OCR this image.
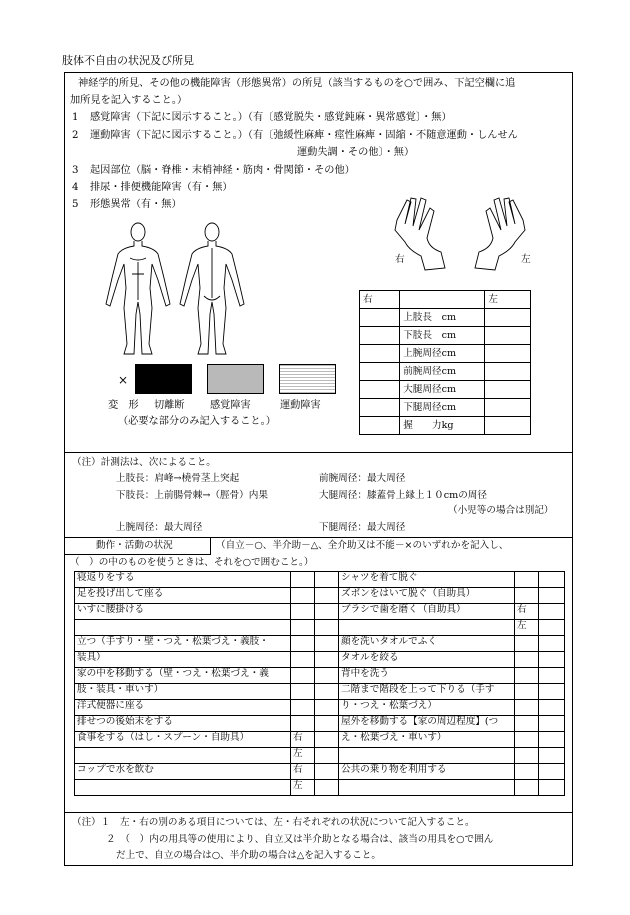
肢体不自由の状況及び所見
神経学的所見、その他の機能障害（形態異常）の所見（該当するものを○で囲み、下記空欄に追
加所見を記入すること。）
1 感覚障害（下記に図示すること。）（有〔感覚脱失・感覚鈍麻・異常感覚〕・無）
2 運動障害（下記に図示すること。）（有〔弛緩性麻痺・痙性麻痺・固縮・不随意運動・しんせん
運動失調・その他〕・無）
3 起因部位（脳・脊椎・末梢神経・筋肉・骨関節・その他）
4 排尿・排便機能障害（有・無）
5 形態異常（有・無）
右	左
右		左
	上肢長　cm	
	下肢長　cm	
	上腕周径cm	
	前腕周径cm	
	大腿周径cm	
	下腿周径cm	
	握　　力kg	
×
変　形 切離断 感覚障害	運動障害
（必要な部分のみ記入すること。）
（注）計測法は、次によること。
上肢長：肩峰→橈骨茎上突起	前腕周径：最大周径
下肢長：上前腸骨棘→（脛骨）内果	大腿周径：膝蓋骨上縁上１０cmの周径
（小児等の場合は別記）
上腕周径：最大周径	下腿周径：最大周径
動作・活動の状況	（自立－○、半介助－△、全介助又は不能－×のいずれかを記入し、
（　）の中のものを使うときは、それを○で囲むこと。）
寝返りをする			シャツを着て脱ぐ		
足を投げ出して座る			ズボンをはいて脱ぐ（自助具）		
いすに腰掛ける			ブラシで歯を磨く（自助具）	右	
				左	
立つ（手すり・壁・つえ・松葉づえ・義肢・			顔を洗いタオルでふく		
装具）			タオルを絞る		
家の中を移動する（壁・つえ・松葉づえ・義			背中を洗う		
肢・装具・車いす）			二階まで階段を上って下りる（手す		
洋式便器に座る			り・つえ・松葉づえ）		
排せつの後始末をする			屋外を移動する【家の周辺程度】(つ		
食事をする（はし・スプーン・自助具）	右		え・松葉づえ・車いす）		
	左				
コップで水を飲む	右		公共の乗り物を利用する		
	左				
（注）１　左・右の別のある項目については、左・右それぞれの状況について記入すること。
２　（　）内の用具等の使用により、自立又は半介助となる場合は、該当の用具を○で囲ん
だ上で、自立の場合は○、半介助の場合は△を記入すること。
